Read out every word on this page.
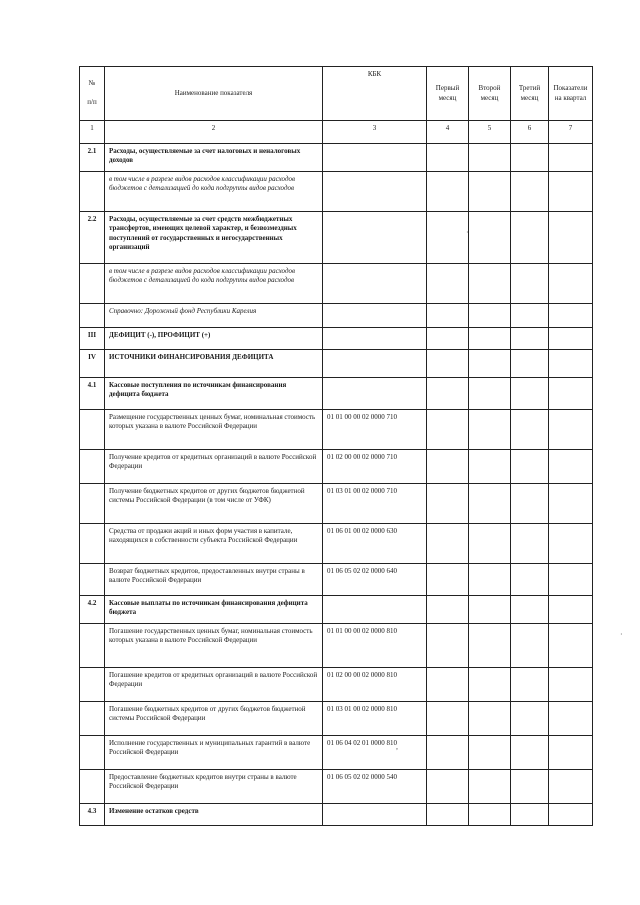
№

п/п	Наименование показателя	КБК	Первый месяц	Второй месяц	Третий месяц	Показатели на квартал
1	2	3	4	5	6	7
2.1	Расходы, осуществляемые за счет налоговых и неналоговых доходов					
	в том числе в разрезе видов расходов классификации расходов бюджетов с детализацией до кода подгруппы видов расходов					
2.2	Расходы, осуществляемые за счет средств межбюджетных трансфертов, имеющих целевой характер, и безвозмездных поступлений от государственных и негосударственных организаций					
	в том числе в разрезе видов расходов классификации расходов бюджетов с детализацией до кода подгруппы видов расходов					
	Справочно: Дорожный фонд Республики Карелия					
III	ДЕФИЦИТ (-), ПРОФИЦИТ (+)					
IV	ИСТОЧНИКИ ФИНАНСИРОВАНИЯ ДЕФИЦИТА					
4.1	Кассовые поступления по источникам финансирования дефицита бюджета					
	Размещение государственных ценных бумаг, номинальная стоимость которых указана в валюте Российской Федерации	01 01 00 00 02 0000 710				
	Получение кредитов от кредитных организаций в валюте Российской Федерации	01 02 00 00 02 0000 710				
	Получение бюджетных кредитов от других бюджетов бюджетной системы Российской Федерации (в том числе от УФК)	01 03 01 00 02 0000 710				
	Средства от продажи акций и иных форм участия в капитале, находящихся в собственности субъекта Российской Федерации	01 06 01 00 02 0000 630				
	Возврат бюджетных кредитов, предоставленных внутри страны в валюте Российской Федерации	01 06 05 02 02 0000 640				
4.2	Кассовые выплаты по источникам финансирования дефицита бюджета					
	Погашение государственных ценных бумаг, номинальная стоимость которых указана в валюте Российской Федерации	01 01 00 00 02 0000 810				
	Погашение кредитов от кредитных организаций в валюте Российской Федерации	01 02 00 00 02 0000 810				
	Погашение бюджетных кредитов от других бюджетов бюджетной системы Российской Федерации	01 03 01 00 02 0000 810				
	Исполнение государственных и муниципальных гарантий в валюте Российской Федерации	01 06 04 02 01 0000 810				
	Предоставление бюджетных кредитов внутри страны в валюте Российской Федерации	01 06 05 02 02 0000 540				
4.3	Изменение остатков средств					
·
,
·
